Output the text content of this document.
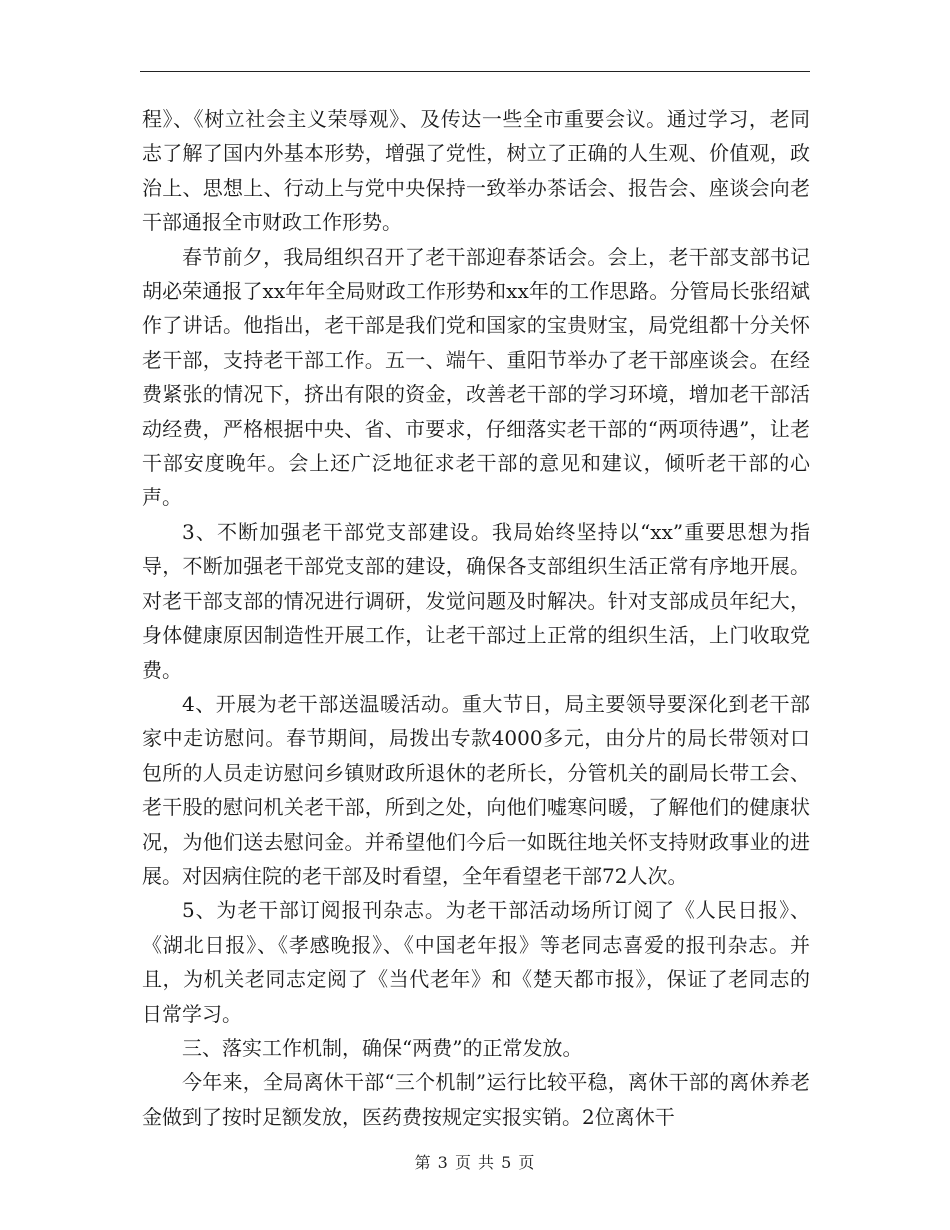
程》、《树立社会主义荣辱观》、及传达一些全市重要会议。通过学习，老同志了解了国内外基本形势，增强了党性，树立了正确的人生观、价值观，政治上、思想上、行动上与党中央保持一致举办茶话会、报告会、座谈会向老干部通报全市财政工作形势。

春节前夕，我局组织召开了老干部迎春茶话会。会上，老干部支部书记胡必荣通报了xx年年全局财政工作形势和xx年的工作思路。分管局长张绍斌作了讲话。他指出，老干部是我们党和国家的宝贵财宝，局党组都十分关怀老干部，支持老干部工作。五一、端午、重阳节举办了老干部座谈会。在经费紧张的情况下，挤出有限的资金，改善老干部的学习环境，增加老干部活动经费，严格根据中央、省、市要求，仔细落实老干部的“两项待遇”，让老干部安度晚年。会上还广泛地征求老干部的意见和建议，倾听老干部的心声。

3、不断加强老干部党支部建设。我局始终坚持以“xx”重要思想为指导，不断加强老干部党支部的建设，确保各支部组织生活正常有序地开展。对老干部支部的情况进行调研，发觉问题及时解决。针对支部成员年纪大，身体健康原因制造性开展工作，让老干部过上正常的组织生活，上门收取党费。

4、开展为老干部送温暖活动。重大节日，局主要领导要深化到老干部家中走访慰问。春节期间，局拨出专款4000多元，由分片的局长带领对口包所的人员走访慰问乡镇财政所退休的老所长，分管机关的副局长带工会、老干股的慰问机关老干部，所到之处，向他们嘘寒问暖，了解他们的健康状况，为他们送去慰问金。并希望他们今后一如既往地关怀支持财政事业的进展。对因病住院的老干部及时看望，全年看望老干部72人次。

5、为老干部订阅报刊杂志。为老干部活动场所订阅了《人民日报》、《湖北日报》、《孝感晚报》、《中国老年报》等老同志喜爱的报刊杂志。并且，为机关老同志定阅了《当代老年》和《楚天都市报》，保证了老同志的日常学习。

三、落实工作机制，确保“两费”的正常发放。

今年来，全局离休干部“三个机制”运行比较平稳，离休干部的离休养老金做到了按时足额发放，医药费按规定实报实销。2位离休干

第 3 页 共 5 页
